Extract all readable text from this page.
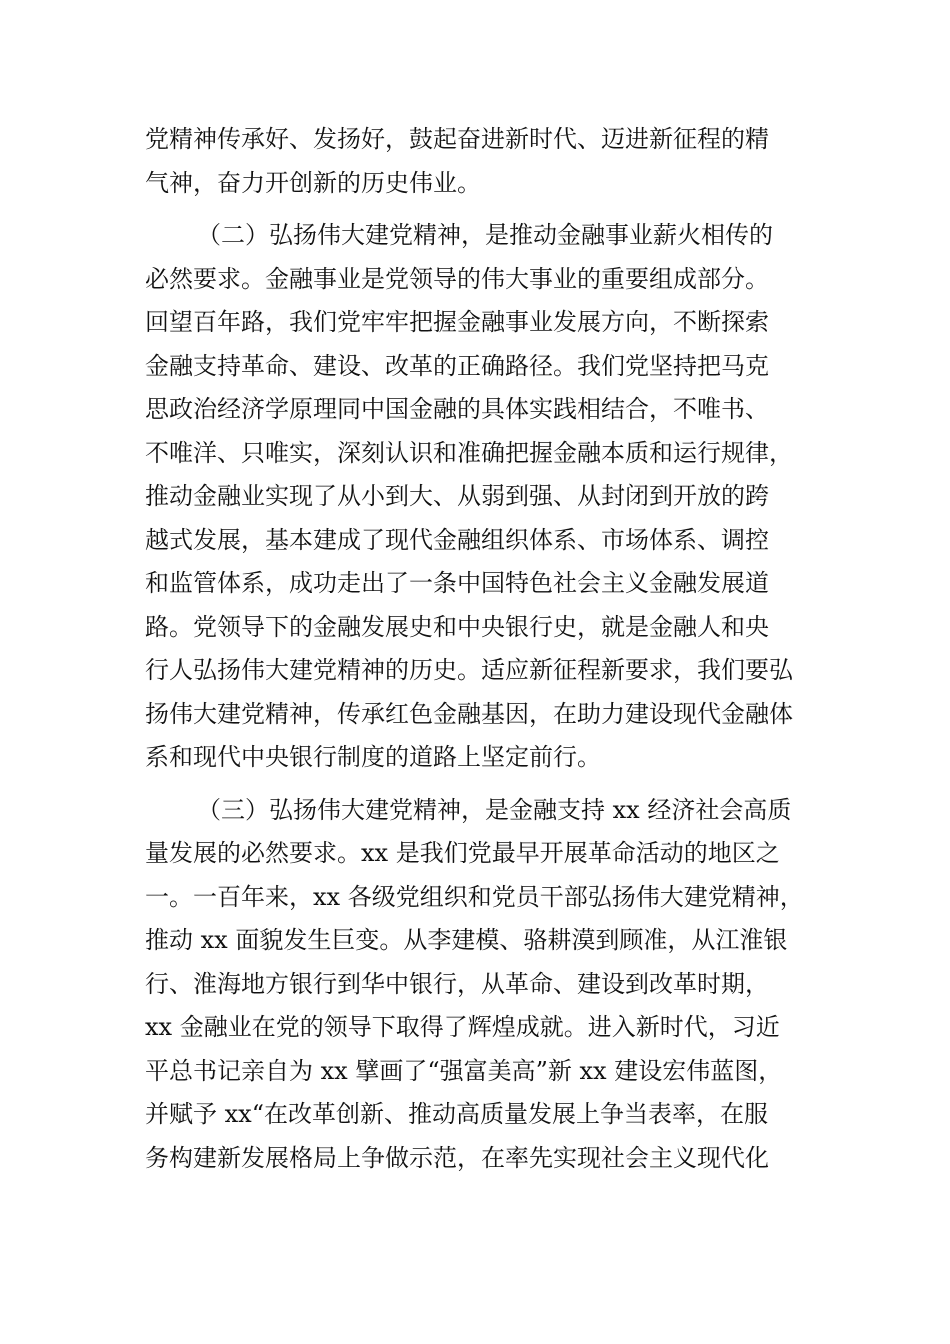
党精神传承好、发扬好，鼓起奋进新时代、迈进新征程的精
气神，奋力开创新的历史伟业。
（二）弘扬伟大建党精神，是推动金融事业薪火相传的
必然要求。金融事业是党领导的伟大事业的重要组成部分。
回望百年路，我们党牢牢把握金融事业发展方向，不断探索
金融支持革命、建设、改革的正确路径。我们党坚持把马克
思政治经济学原理同中国金融的具体实践相结合，不唯书、
不唯洋、只唯实，深刻认识和准确把握金融本质和运行规律，
推动金融业实现了从小到大、从弱到强、从封闭到开放的跨
越式发展，基本建成了现代金融组织体系、市场体系、调控
和监管体系，成功走出了一条中国特色社会主义金融发展道
路。党领导下的金融发展史和中央银行史，就是金融人和央
行人弘扬伟大建党精神的历史。适应新征程新要求，我们要弘
扬伟大建党精神，传承红色金融基因，在助力建设现代金融体
系和现代中央银行制度的道路上坚定前行。
（三）弘扬伟大建党精神，是金融支持 xx 经济社会高质
量发展的必然要求。xx 是我们党最早开展革命活动的地区之
一。一百年来，xx 各级党组织和党员干部弘扬伟大建党精神，
推动 xx 面貌发生巨变。从李建模、骆耕漠到顾准，从江淮银
行、淮海地方银行到华中银行，从革命、建设到改革时期，
xx 金融业在党的领导下取得了辉煌成就。进入新时代，习近
平总书记亲自为 xx 擘画了“强富美高”新 xx 建设宏伟蓝图，
并赋予 xx“在改革创新、推动高质量发展上争当表率，在服
务构建新发展格局上争做示范，在率先实现社会主义现代化
